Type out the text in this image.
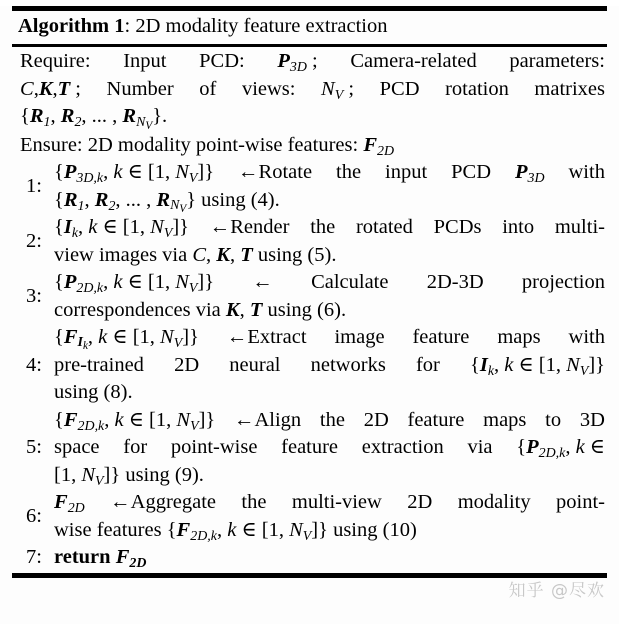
Algorithm 1: 2D modality feature extraction
Require: Input PCD: $P_{3D}$ ; Camera-related parameters:
C,K,T ; Number of views: $N_V$ ; PCD rotation matrixes
{$R_1$, $R_2$, ... , $R_{N_V}$}.
Ensure: 2D modality point-wise features: $F_{2D}$
1:
{$P_{3D,k}$, k ∈ [1, $N_V$]} ←Rotate the input PCD $P_{3D}$ with
{$R_1$, $R_2$, ... , $R_{N_V}$} using (4).
2:
{$I_k$, k ∈ [1, $N_V$]} ←Render the rotated PCDs into multi-
view images via C, K, T using (5).
3:
{$P_{2D,k}$, k ∈ [1, $N_V$]} ← Calculate 2D-3D projection
correspondences via K, T using (6).
4:
{$F_{I_k}$, k ∈ [1, $N_V$]} ←Extract image feature maps with
pre-trained 2D neural networks for {$I_k$, k ∈ [1, $N_V$]}
using (8).
5:
{$F_{2D,k}$, k ∈ [1, $N_V$]} ←Align the 2D feature maps to 3D
space for point-wise feature extraction via {$P_{2D,k}$, k ∈
[1, $N_V$]} using (9).
6:
$F_{2D}$ ←Aggregate the multi-view 2D modality point-
wise features {$F_{2D,k}$, k ∈ [1, $N_V$]} using (10)
7: return $F_{2D}$
知乎 @尽欢
